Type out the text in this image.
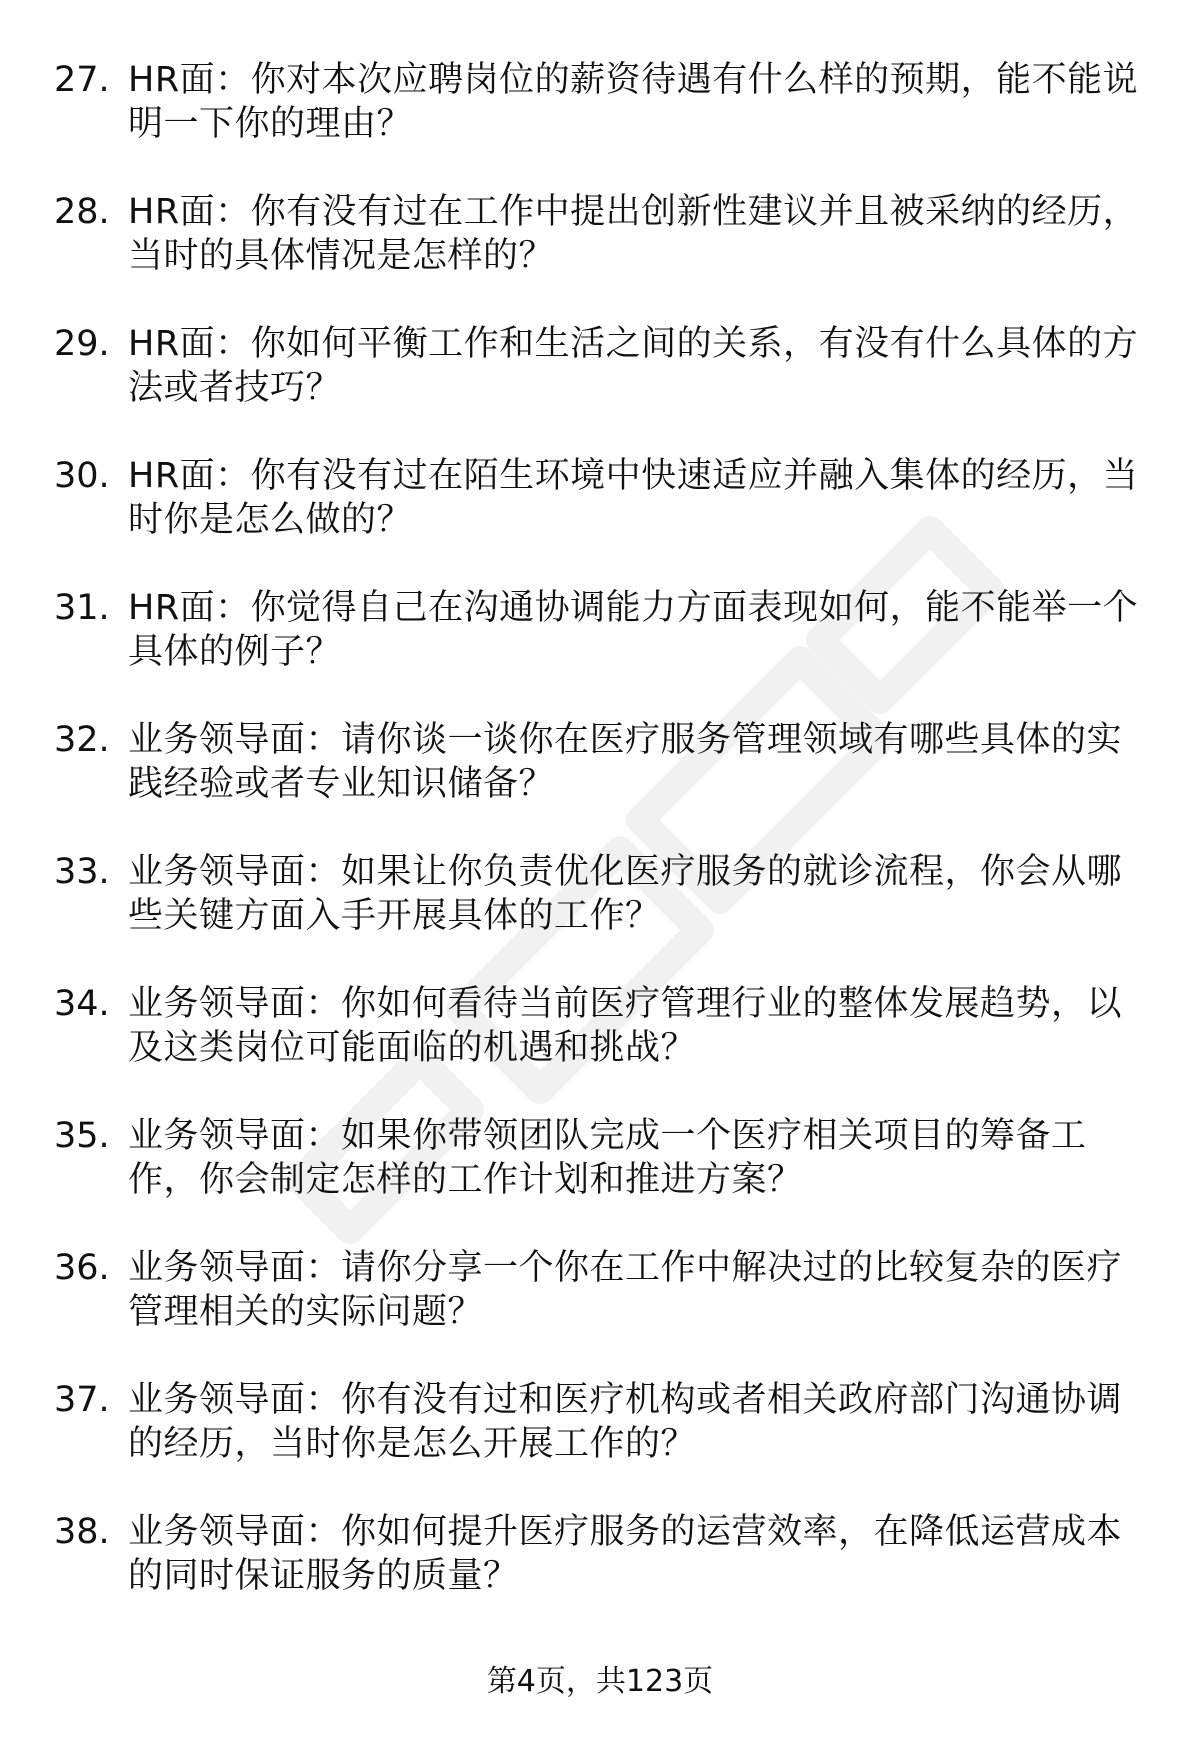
27. HR面：你对本次应聘岗位的薪资待遇有什么样的预期，能不能说
明一下你的理由？
28. HR面：你有没有过在工作中提出创新性建议并且被采纳的经历，
当时的具体情况是怎样的？
29. HR面：你如何平衡工作和生活之间的关系，有没有什么具体的方
法或者技巧？
30. HR面：你有没有过在陌生环境中快速适应并融入集体的经历，当
时你是怎么做的？
31. HR面：你觉得自己在沟通协调能力方面表现如何，能不能举一个
具体的例子？
32. 业务领导面：请你谈一谈你在医疗服务管理领域有哪些具体的实
践经验或者专业知识储备？
33. 业务领导面：如果让你负责优化医疗服务的就诊流程，你会从哪
些关键方面入手开展具体的工作？
34. 业务领导面：你如何看待当前医疗管理行业的整体发展趋势，以
及这类岗位可能面临的机遇和挑战？
35. 业务领导面：如果你带领团队完成一个医疗相关项目的筹备工
作，你会制定怎样的工作计划和推进方案？
36. 业务领导面：请你分享一个你在工作中解决过的比较复杂的医疗
管理相关的实际问题？
37. 业务领导面：你有没有过和医疗机构或者相关政府部门沟通协调
的经历，当时你是怎么开展工作的？
38. 业务领导面：你如何提升医疗服务的运营效率，在降低运营成本
的同时保证服务的质量？
第4页，共123页
